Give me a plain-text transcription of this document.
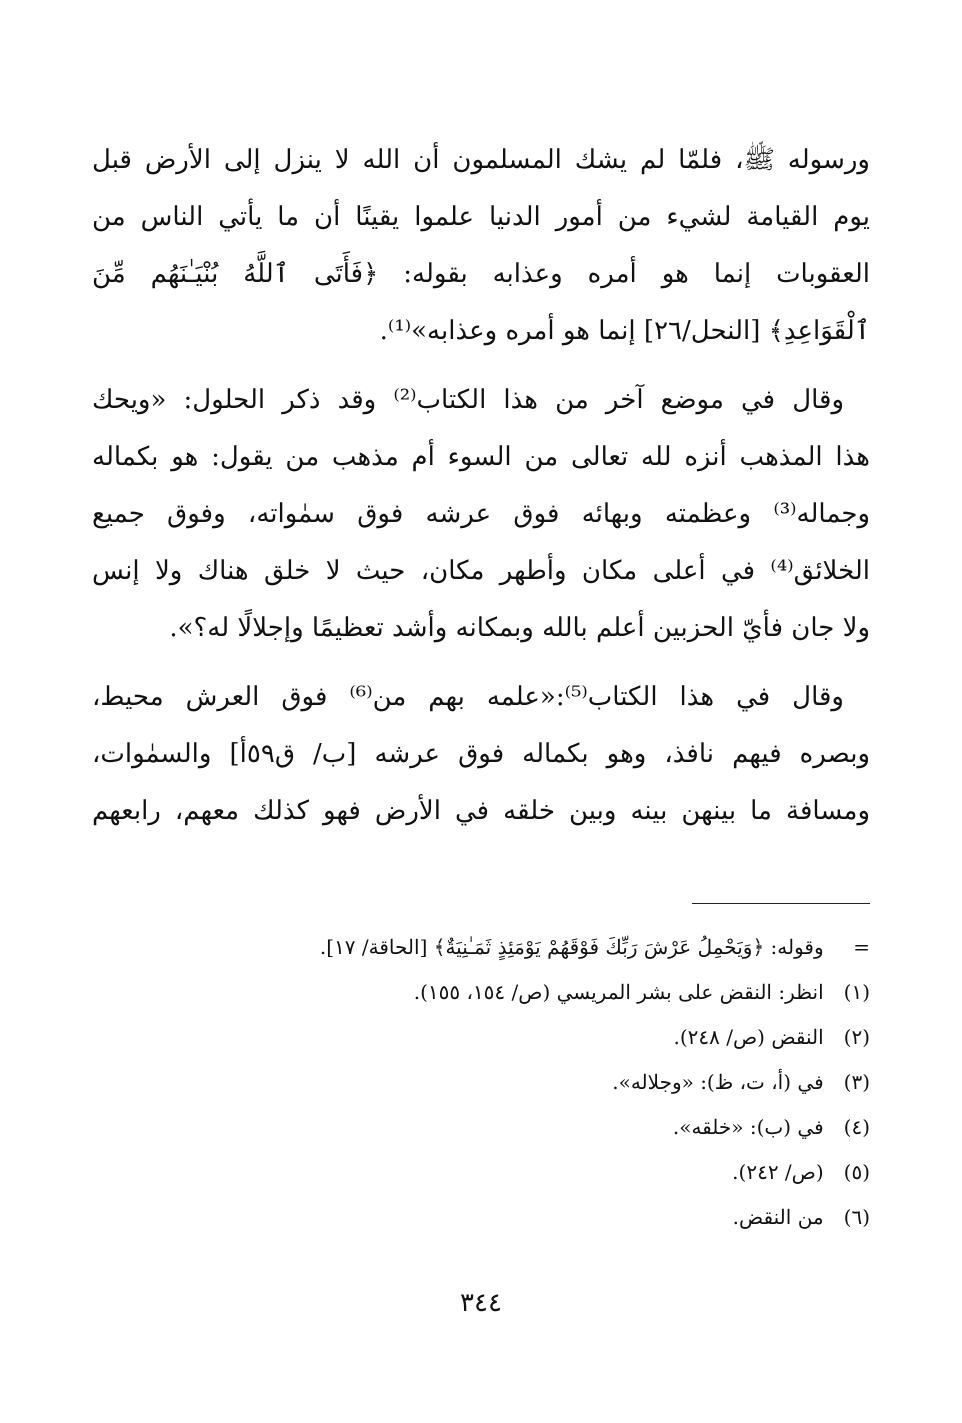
ورسوله ﷺ، فلمّا لم يشك المسلمون أن الله لا ينزل إلى الأرض قبل
يوم القيامة لشيء من أمور الدنيا علموا يقينًا أن ما يأتي الناس من
العقوبات إنما هو أمره وعذابه بقوله: ﴿فَأَتَى ٱللَّهُ بُنْيَـٰنَهُم مِّنَ
ٱلْقَوَاعِدِ﴾ [النحل/٢٦] إنما هو أمره وعذابه»⁽¹⁾.
وقال في موضع آخر من هذا الكتاب⁽²⁾ وقد ذكر الحلول: «ويحك
هذا المذهب أنزه لله تعالى من السوء أم مذهب من يقول: هو بكماله
وجماله⁽³⁾ وعظمته وبهائه فوق عرشه فوق سمٰواته، وفوق جميع
الخلائق⁽⁴⁾ في أعلى مكان وأطهر مكان، حيث لا خلق هناك ولا إنس
ولا جان فأيّ الحزبين أعلم بالله وبمكانه وأشد تعظيمًا وإجلالًا له؟».
وقال في هذا الكتاب⁽⁵⁾:«علمه بهم من⁽⁶⁾ فوق العرش محيط،
وبصره فيهم نافذ، وهو بكماله فوق عرشه [ب/ ق٥٩أ] والسمٰوات،
ومسافة ما بينهن بينه وبين خلقه في الأرض فهو كذلك معهم، رابعهم
= وقوله: ﴿وَيَحْمِلُ عَرْشَ رَبِّكَ فَوْقَهُمْ يَوْمَئِذٍ ثَمَـٰنِيَةٌ﴾ [الحاقة/ ١٧].
(١) انظر: النقض على بشر المريسي (ص/ ١٥٤، ١٥٥).
(٢) النقض (ص/ ٢٤٨).
(٣) في (أ، ت، ظ): «وجلاله».
(٤) في (ب): «خلقه».
(٥) (ص/ ٢٤٢).
(٦) من النقض.
٣٤٤
